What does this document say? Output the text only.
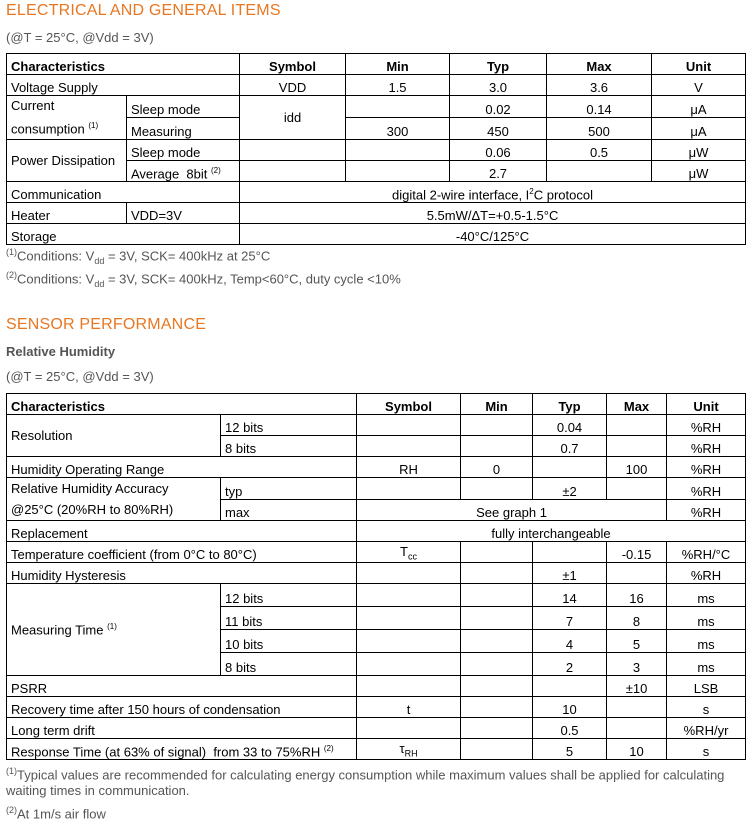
ELECTRICAL AND GENERAL ITEMS
(@T = 25°C, @Vdd = 3V)
Characteristics		Symbol	Min	Typ	Max	Unit
Voltage Supply		VDD	1.5	3.0	3.6	V
Current
consumption $^{(1)}$	Sleep mode	idd		0.02	0.14	μA
	Measuring		300	450	500	μA
Power Dissipation	Sleep mode			0.06	0.5	μW
	Average  8bit $^{(2)}$			2.7		μW
Communication		digital 2-wire interface, $I^2C$ protocol				
Heater	VDD=3V	5.5mW/ΔT=+0.5-1.5°C				
Storage		-40°C/125°C				
$^{(1)}$Conditions: $V_{dd} = 3V$, SCK= 400kHz at 25°C
$^{(2)}$Conditions: $V_{dd} = 3V$, SCK= 400kHz, Temp<60°C, duty cycle <10%
SENSOR PERFORMANCE
Relative Humidity
(@T = 25°C, @Vdd = 3V)
Characteristics		Symbol	Min	Typ	Max	Unit
Resolution	12 bits			0.04		%RH
	8 bits			0.7		%RH
Humidity Operating Range		RH	0		100	%RH
Relative Humidity Accuracy
@25°C (20%RH to 80%RH)	typ			±2		%RH
	max	See graph 1				%RH
Replacement		fully interchangeable				
Temperature coefficient (from 0°C to 80°C)		$T_{cc}$			-0.15	%RH/°C
Humidity Hysteresis				±1		%RH
Measuring Time $^{(1)}$	12 bits			14	16	ms
	11 bits			7	8	ms
	10 bits			4	5	ms
	8 bits			2	3	ms
PSRR					±10	LSB
Recovery time after 150 hours of condensation		t		10		s
Long term drift				0.5		%RH/yr
Response Time (at 63% of signal)  from 33 to 75%RH $^{(2)}$		$\tau_{RH}$		5	10	s
$^{(1)}$Typical values are recommended for calculating energy consumption while maximum values shall be applied for calculating waiting times in communication.
$^{(2)}$At 1m/s air flow
